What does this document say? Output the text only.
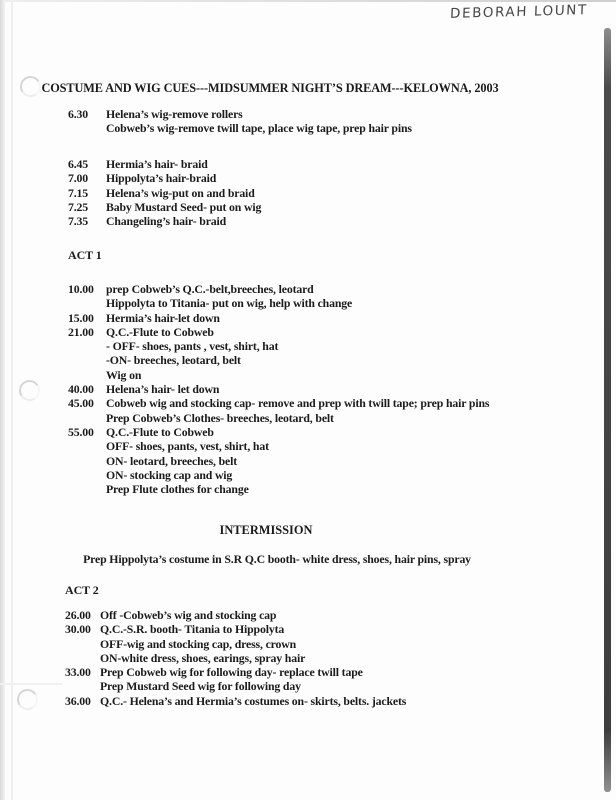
DEBORAH LOUNT
COSTUME AND WIG CUES---MIDSUMMER NIGHT’S DREAM---KELOWNA, 2003
6.30	Helena’s wig-remove rollers
Cobweb’s wig-remove twill tape, place wig tape, prep hair pins
6.45	Hermia’s hair- braid
7.00	Hippolyta’s hair-braid
7.15	Helena’s wig-put on and braid
7.25	Baby Mustard Seed- put on wig
7.35	Changeling’s hair- braid
ACT 1
10.00	prep Cobweb’s Q.C.-belt,breeches, leotard
Hippolyta to Titania- put on wig, help with change
15.00	Hermia’s hair-let down
21.00	Q.C.-Flute to Cobweb
- OFF- shoes, pants , vest, shirt, hat
-ON- breeches, leotard, belt
Wig on
40.00	Helena’s hair- let down
45.00	Cobweb wig and stocking cap- remove and prep with twill tape; prep hair pins
Prep Cobweb’s Clothes- breeches, leotard, belt
55.00	Q.C.-Flute to Cobweb
OFF- shoes, pants, vest, shirt, hat
ON- leotard, breeches, belt
ON- stocking cap and wig
Prep Flute clothes for change
INTERMISSION
Prep Hippolyta’s costume in S.R Q.C booth- white dress, shoes, hair pins, spray
ACT 2
26.00 Off -Cobweb’s wig and stocking cap
30.00 Q.C.-S.R. booth- Titania to Hippolyta
OFF-wig and stocking cap, dress, crown
ON-white dress, shoes, earings, spray hair
33.00 Prep Cobweb wig for following day- replace twill tape
Prep Mustard Seed wig for following day
36.00 Q.C.- Helena’s and Hermia’s costumes on- skirts, belts. jackets
